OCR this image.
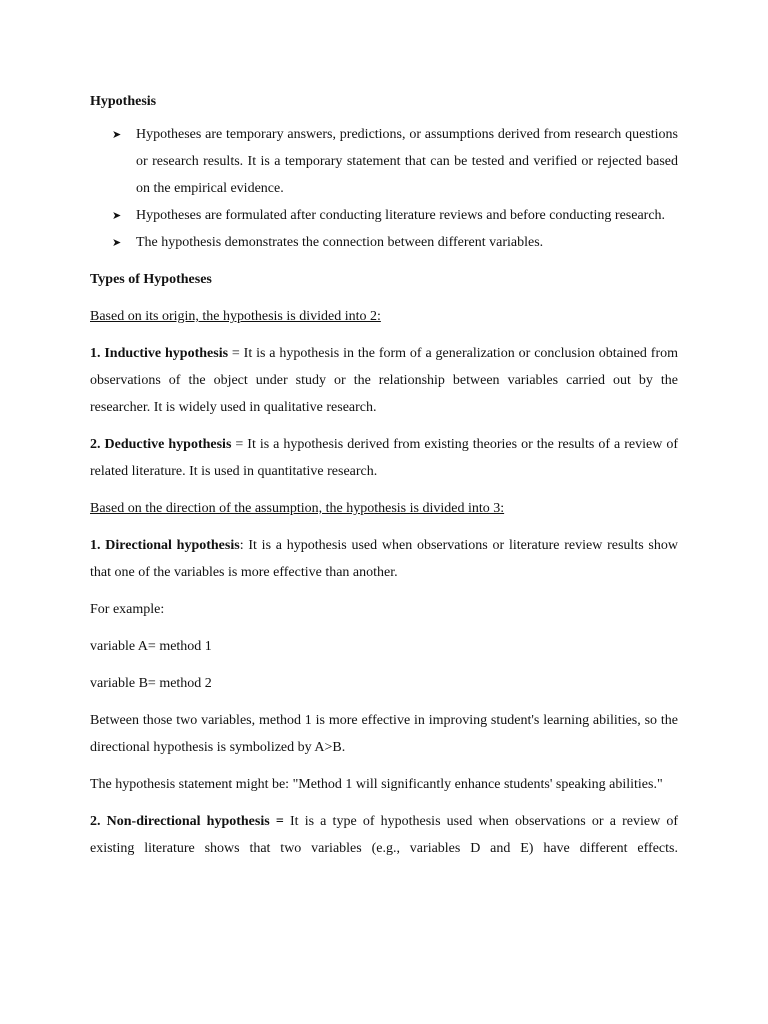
Hypothesis
➤ Hypotheses are temporary answers, predictions, or assumptions derived from research questions or research results. It is a temporary statement that can be tested and verified or rejected based on the empirical evidence.
➤ Hypotheses are formulated after conducting literature reviews and before conducting research.
➤ The hypothesis demonstrates the connection between different variables.
Types of Hypotheses
Based on its origin, the hypothesis is divided into 2:

1. Inductive hypothesis = It is a hypothesis in the form of a generalization or conclusion obtained from observations of the object under study or the relationship between variables carried out by the researcher. It is widely used in qualitative research.

2. Deductive hypothesis = It is a hypothesis derived from existing theories or the results of a review of related literature. It is used in quantitative research.

Based on the direction of the assumption, the hypothesis is divided into 3:

1. Directional hypothesis: It is a hypothesis used when observations or literature review results show that one of the variables is more effective than another.

For example:

variable A= method 1

variable B= method 2

Between those two variables, method 1 is more effective in improving student's learning abilities, so the directional hypothesis is symbolized by A>B.

The hypothesis statement might be: "Method 1 will significantly enhance students' speaking abilities."

2. Non-directional hypothesis = It is a type of hypothesis used when observations or a review of existing literature shows that two variables (e.g., variables D and E) have different effects.
